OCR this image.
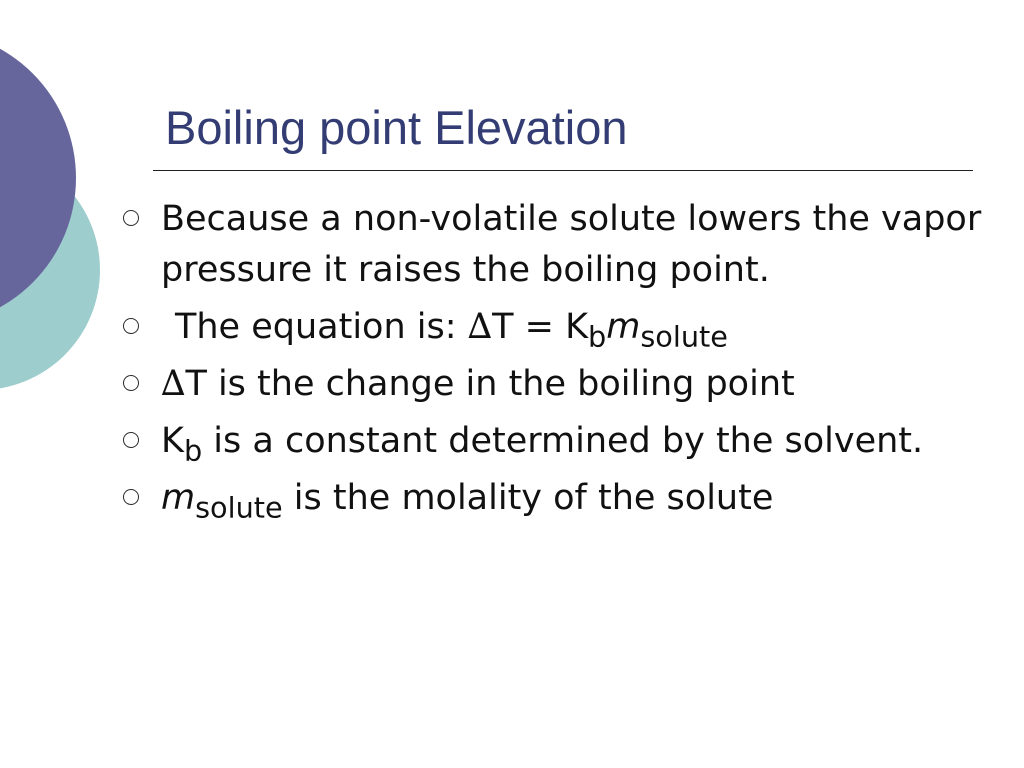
Boiling point Elevation
Because a non-volatile solute lowers the vapor pressure it raises the boiling point.
The equation is: $\Delta T = K_bm_{solute}$
∆T is the change in the boiling point
$K_b$ is a constant determined by the solvent.
$m_{solute}$ is the molality of the solute
